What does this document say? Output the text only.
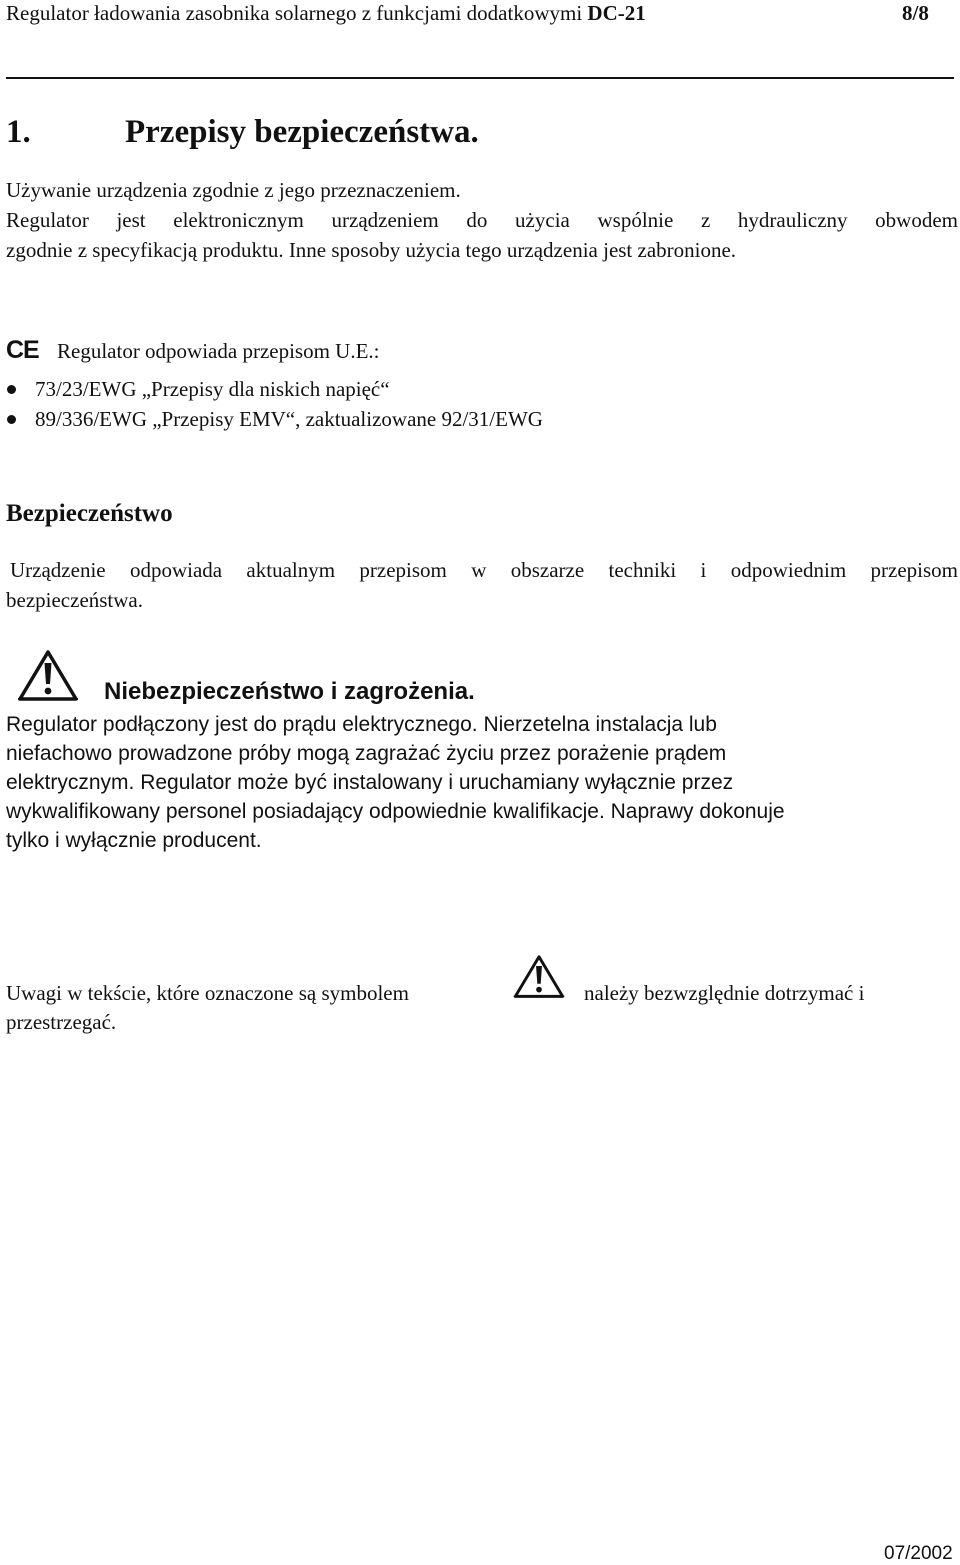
Regulator ładowania zasobnika solarnego z funkcjami dodatkowymi DC-21	8/8
1.	Przepisy bezpieczeństwa.
Używanie urządzenia zgodnie z jego przeznaczeniem.
Regulator jest elektronicznym urządzeniem do użycia wspólnie z hydrauliczny obwodem
zgodnie z specyfikacją produktu. Inne sposoby użycia tego urządzenia jest zabronione.
CE Regulator odpowiada przepisom U.E.:
73/23/EWG „Przepisy dla niskich napięć“
89/336/EWG „Przepisy EMV“, zaktualizowane 92/31/EWG
Bezpieczeństwo
Urządzenie odpowiada aktualnym przepisom w obszarze techniki i odpowiednim przepisom
bezpieczeństwa.
Niebezpieczeństwo i zagrożenia.
Regulator podłączony jest do prądu elektrycznego. Nierzetelna instalacja lub
niefachowo prowadzone próby mogą zagrażać życiu przez porażenie prądem
elektrycznym. Regulator może być instalowany i uruchamiany wyłącznie przez
wykwalifikowany personel posiadający odpowiednie kwalifikacje. Naprawy dokonuje
tylko i wyłącznie producent.
Uwagi w tekście, które oznaczone są symbolem	należy bezwzględnie dotrzymać i
przestrzegać.
07/2002
